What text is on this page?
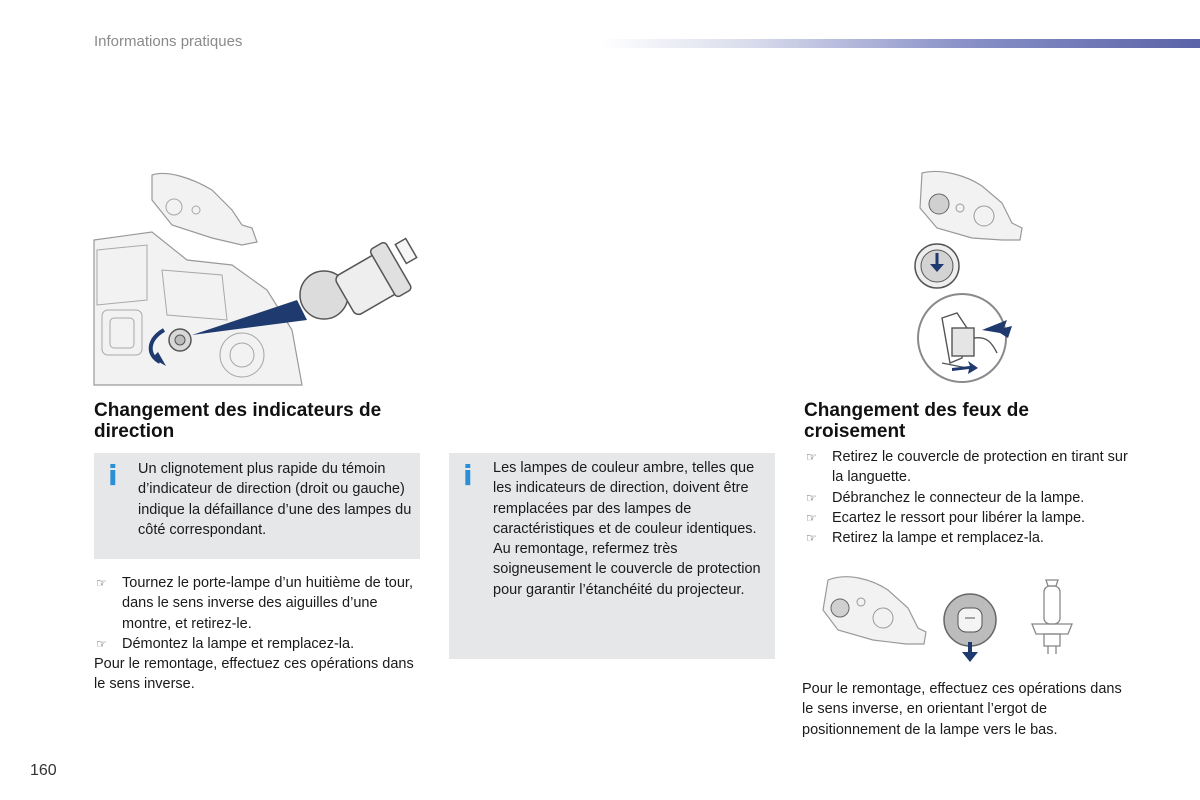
Informations pratiques
Changement des indicateurs de direction
i Un clignotement plus rapide du témoin d’indicateur de direction (droit ou gauche) indique la défaillance d’une des lampes du côté correspondant.
☞ Tournez le porte-lampe d’un huitième de tour, dans le sens inverse des aiguilles d’une montre, et retirez-le.
☞ Démontez la lampe et remplacez-la.

Pour le remontage, effectuez ces opérations dans le sens inverse.

i Les lampes de couleur ambre, telles que les indicateurs de direction, doivent être remplacées par des lampes de caractéristiques et de couleur identiques.
Au remontage, refermez très soigneusement le couvercle de protection pour garantir l’étanchéité du projecteur.
Changement des feux de croisement
☞ Retirez le couvercle de protection en tirant sur la languette.
☞ Débranchez le connecteur de la lampe.
☞ Ecartez le ressort pour libérer la lampe.
☞ Retirez la lampe et remplacez-la.

Pour le remontage, effectuez ces opérations dans le sens inverse, en orientant l’ergot de positionnement de la lampe vers le bas.

160
